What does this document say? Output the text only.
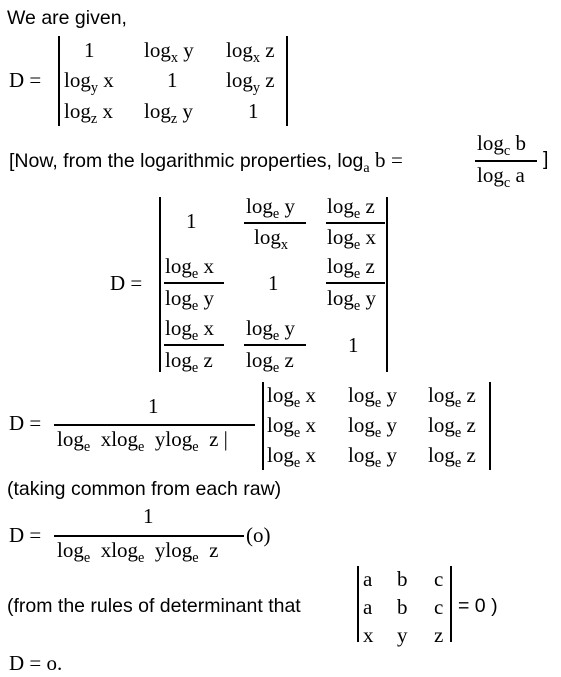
We are given,
D =
1 $\log_x y$ $\log_x z$
$\log_y x$	1 $\log_y z$
$\log_z x$ $\log_z y$	1
[Now, from the logarithmic properties, $\log_a b$ =
$\log_c b$
$\log_c a$
]
D =
1
$\log_e y$
$\log_x$
$\log_e z$
$\log_e x$
$\log_e x$
$\log_e y$
1
$\log_e z$
$\log_e y$
$\log_e x$
$\log_e z$
$\log_e y$
$\log_e z$
1
D =
1
$\log_e xlog_e$ ylog$_e$ z |
$\log_e x$ $\log_e y$ $\log_e z$
$\log_e x$ $\log_e y$ $\log_e z$
$\log_e x$ $\log_e y$ $\log_e z$
(taking common from each raw)
D =
1
$\log_e xlog_e$ ylog$_e$ z
(o)
(from the rules of determinant that
a b c
a b c
x y z
= 0 )
D = o.
